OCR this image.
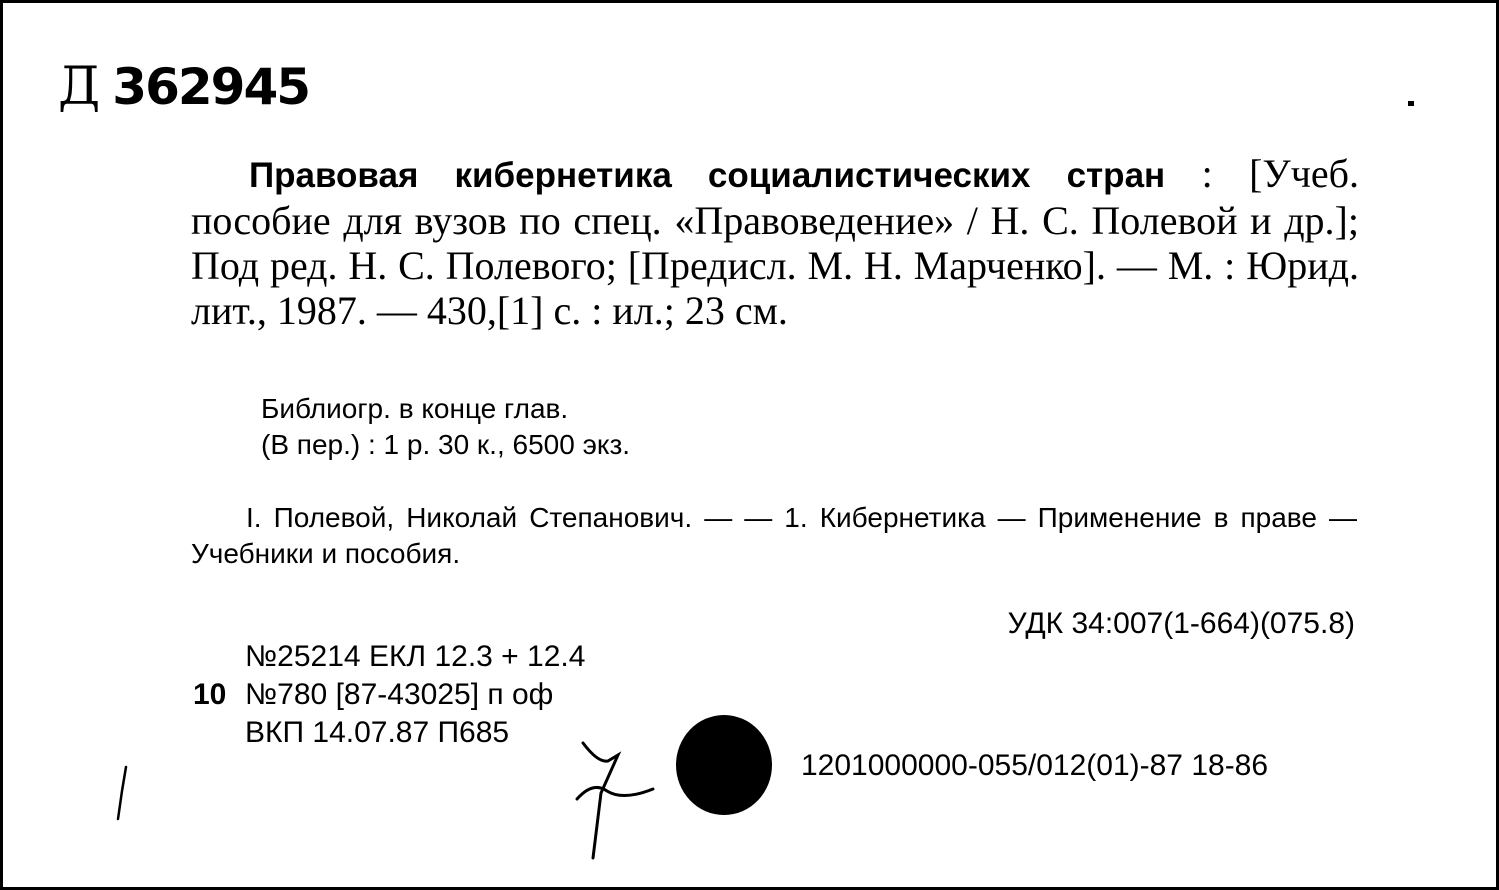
Д 362945
Правовая кибернетика социалистических стран : [Учеб. пособие для вузов по спец. «Правоведение» / Н. С. Полевой и др.]; Под ред. Н. С. Полевого; [Предисл. М. Н. Марченко]. — М. : Юрид. лит., 1987. — 430,[1] с. : ил.; 23 см.
Библиогр. в конце глав.
(В пер.) : 1 р. 30 к., 6500 экз.
I. Полевой, Николай Степанович. — — 1. Кибернетика — Применение в праве — Учебники и пособия.
УДК 34:007(1-664)(075.8)
№25214 ЕКЛ 12.3 + 12.4
10 №780 [87-43025] п оф
ВКП 14.07.87 П685
1201000000-055/012(01)-87 18-86
